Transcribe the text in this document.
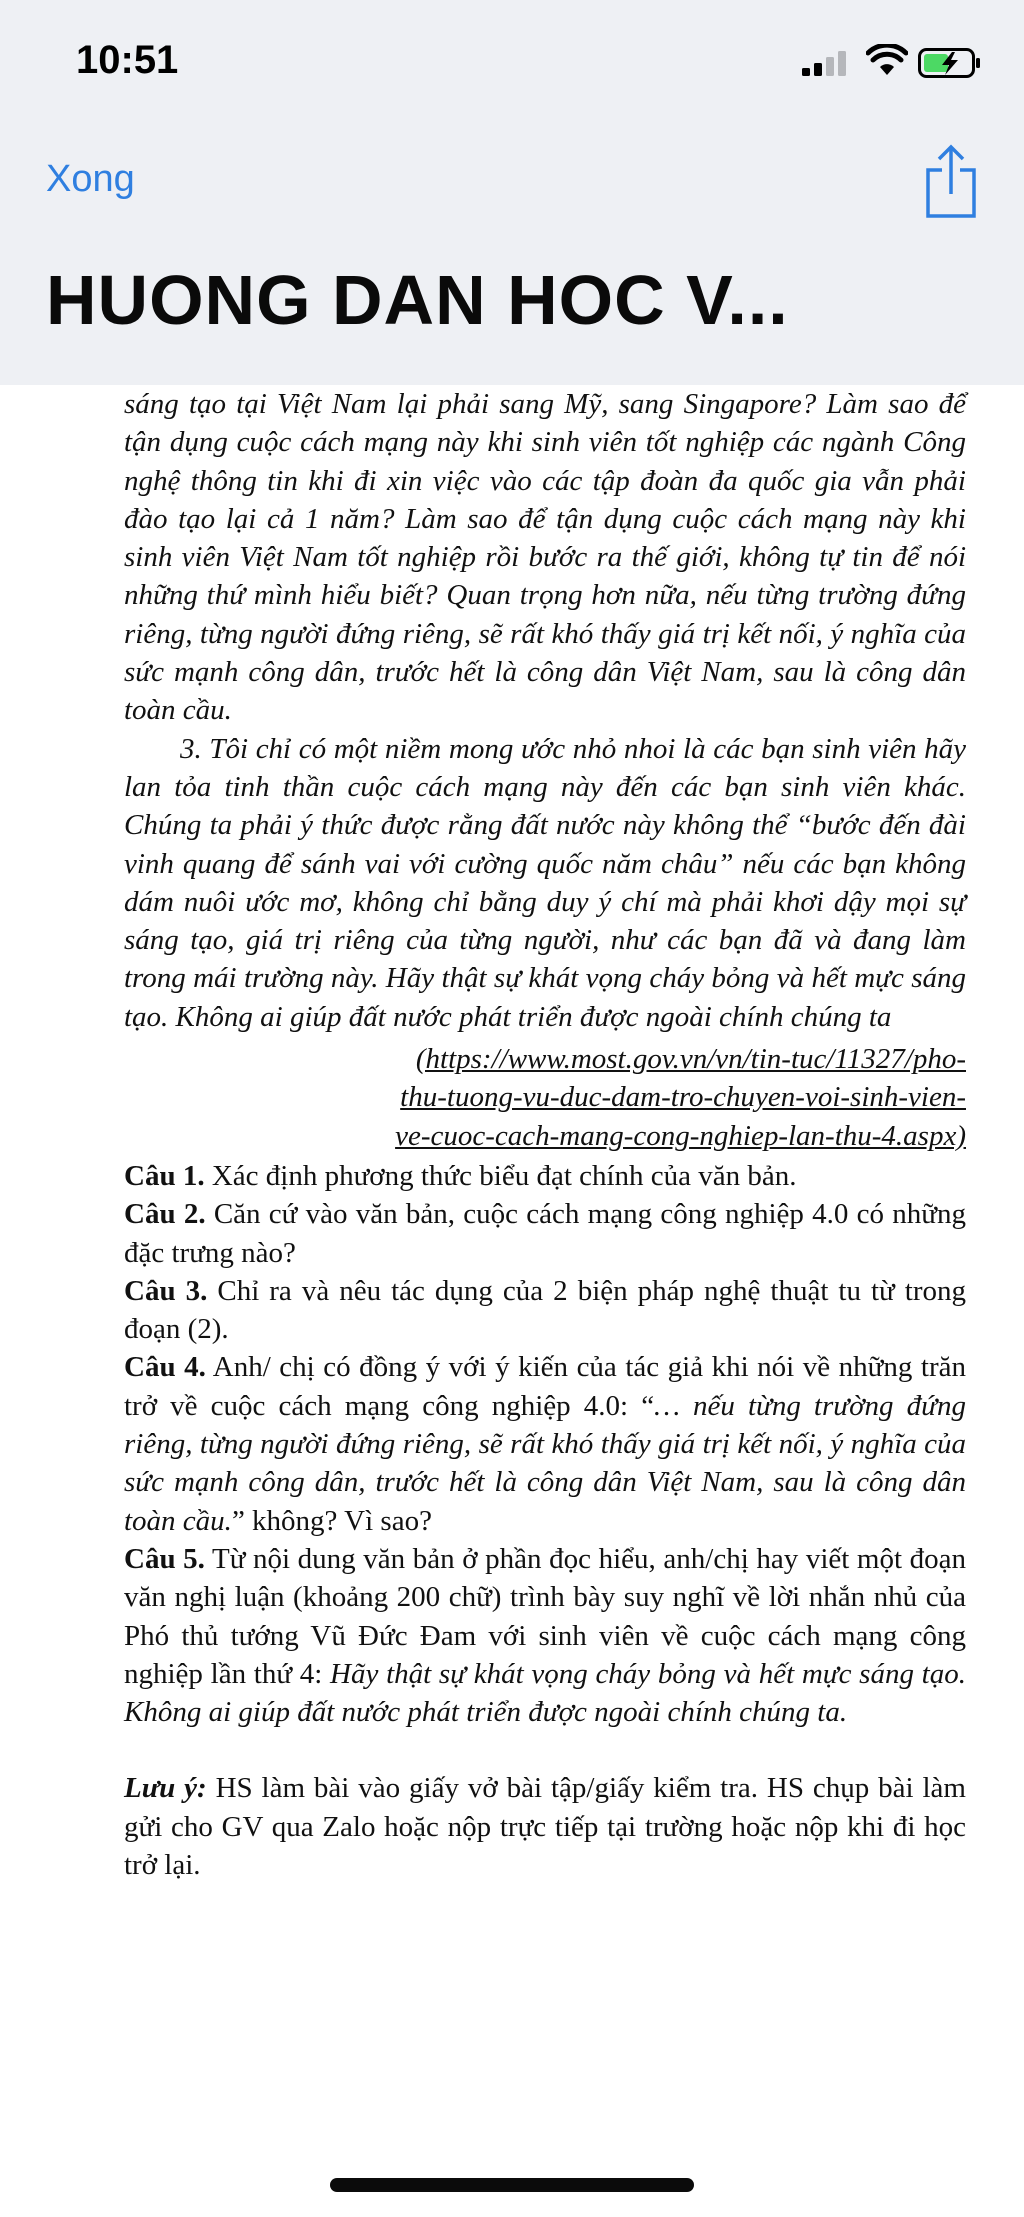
10:51
Xong
HUONG DAN HOC V...

sáng tạo tại Việt Nam lại phải sang Mỹ, sang Singapore? Làm sao để tận dụng cuộc cách mạng này khi sinh viên tốt nghiệp các ngành Công nghệ thông tin khi đi xin việc vào các tập đoàn đa quốc gia vẫn phải đào tạo lại cả 1 năm? Làm sao để tận dụng cuộc cách mạng này khi sinh viên Việt Nam tốt nghiệp rồi bước ra thế giới, không tự tin để nói những thứ mình hiểu biết? Quan trọng hơn nữa, nếu từng trường đứng riêng, từng người đứng riêng, sẽ rất khó thấy giá trị kết nối, ý nghĩa của sức mạnh công dân, trước hết là công dân Việt Nam, sau là công dân toàn cầu.

3. Tôi chỉ có một niềm mong ước nhỏ nhoi là các bạn sinh viên hãy lan tỏa tinh thần cuộc cách mạng này đến các bạn sinh viên khác. Chúng ta phải ý thức được rằng đất nước này không thể “bước đến đài vinh quang để sánh vai với cường quốc năm châu” nếu các bạn không dám nuôi ước mơ, không chỉ bằng duy ý chí mà phải khơi dậy mọi sự sáng tạo, giá trị riêng của từng người, như các bạn đã và đang làm trong mái trường này. Hãy thật sự khát vọng cháy bỏng và hết mực sáng tạo. Không ai giúp đất nước phát triển được ngoài chính chúng ta

(https://www.most.gov.vn/vn/tin-tuc/11327/pho-
thu-tuong-vu-duc-dam-tro-chuyen-voi-sinh-vien-
ve-cuoc-cach-mang-cong-nghiep-lan-thu-4.aspx)

Câu 1. Xác định phương thức biểu đạt chính của văn bản.

Câu 2. Căn cứ vào văn bản, cuộc cách mạng công nghiệp 4.0 có những đặc trưng nào?

Câu 3. Chỉ ra và nêu tác dụng của 2 biện pháp nghệ thuật tu từ trong đoạn (2).

Câu 4. Anh/ chị có đồng ý với ý kiến của tác giả khi nói về những trăn trở về cuộc cách mạng công nghiệp 4.0: “… nếu từng trường đứng riêng, từng người đứng riêng, sẽ rất khó thấy giá trị kết nối, ý nghĩa của sức mạnh công dân, trước hết là công dân Việt Nam, sau là công dân toàn cầu.” không? Vì sao?

Câu 5. Từ nội dung văn bản ở phần đọc hiểu, anh/chị hay viết một đoạn văn nghị luận (khoảng 200 chữ) trình bày suy nghĩ về lời nhắn nhủ của Phó thủ tướng Vũ Đức Đam với sinh viên về cuộc cách mạng công nghiệp lần thứ 4: Hãy thật sự khát vọng cháy bỏng và hết mực sáng tạo. Không ai giúp đất nước phát triển được ngoài chính chúng ta.

Lưu ý: HS làm bài vào giấy vở bài tập/giấy kiểm tra. HS chụp bài làm gửi cho GV qua Zalo hoặc nộp trực tiếp tại trường hoặc nộp khi đi học trở lại.
